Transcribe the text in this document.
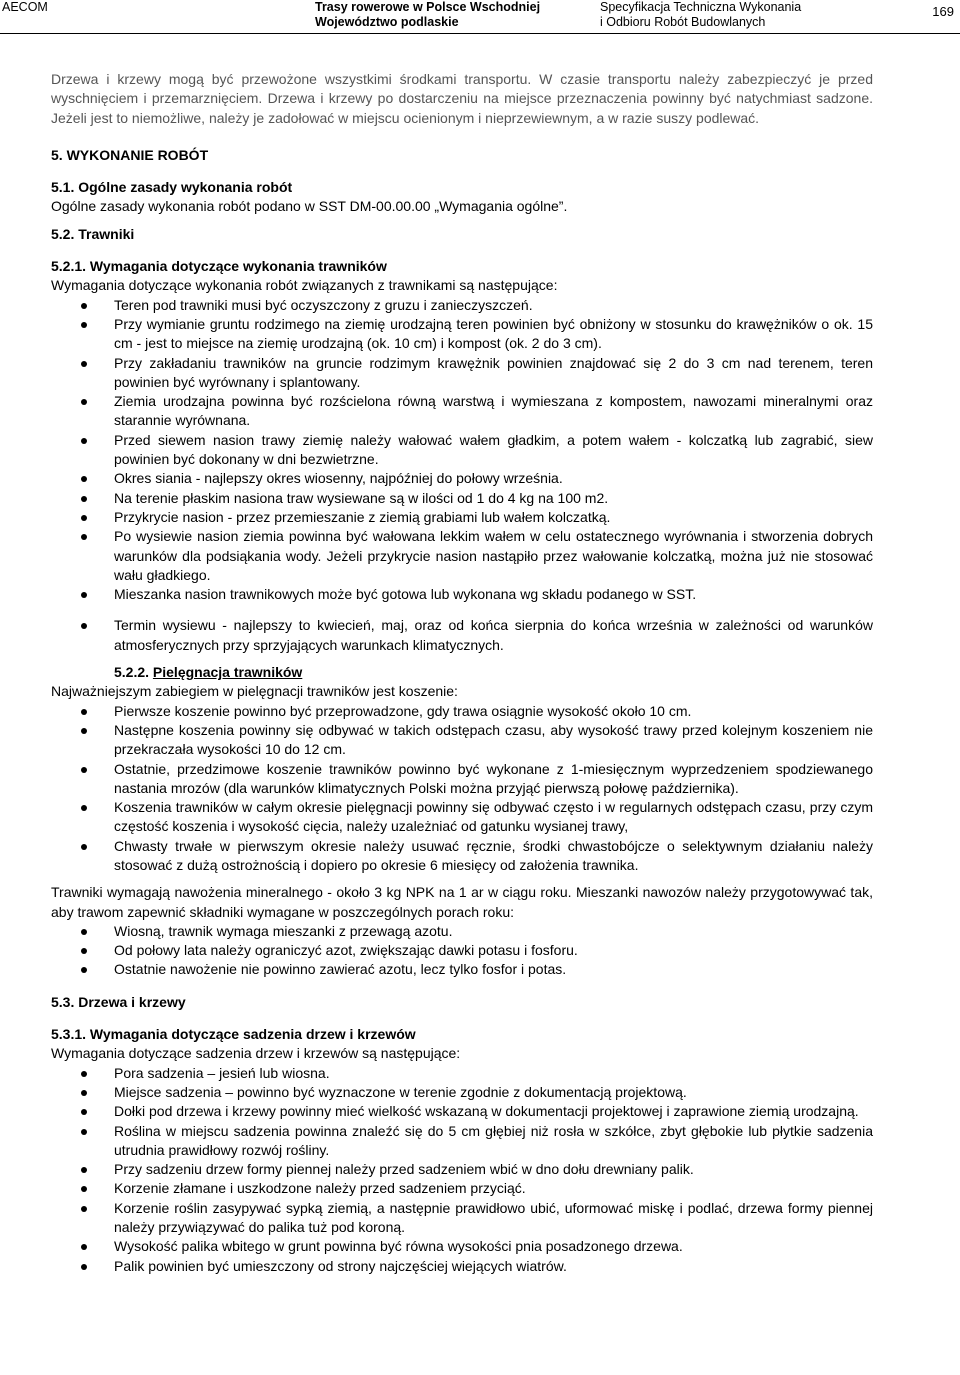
AECOM	Trasy rowerowe w Polsce Wschodniej
Województwo podlaskie
Specyfikacja Techniczna Wykonania
i Odbioru Robót Budowlanych
169

Drzewa i krzewy mogą być przewożone wszystkimi środkami transportu. W czasie transportu należy zabezpieczyć je przed wyschnięciem i przemarznięciem. Drzewa i krzewy po dostarczeniu na miejsce przeznaczenia powinny być natychmiast sadzone. Jeżeli jest to niemożliwe, należy je zadołować w miejscu ocienionym i nieprzewiewnym, a w razie suszy podlewać.

5. WYKONANIE ROBÓT
5.1. Ogólne zasady wykonania robót

Ogólne zasady wykonania robót podano w SST DM-00.00.00 „Wymagania ogólne”.

5.2. Trawniki
5.2.1. Wymagania dotyczące wykonania trawników

Wymagania dotyczące wykonania robót związanych z trawnikami są następujące:

Teren pod trawniki musi być oczyszczony z gruzu i zanieczyszczeń.
Przy wymianie gruntu rodzimego na ziemię urodzajną teren powinien być obniżony w stosunku do krawężników o ok. 15 cm - jest to miejsce na ziemię urodzajną (ok. 10 cm) i kompost (ok. 2 do 3 cm).
Przy zakładaniu trawników na gruncie rodzimym krawężnik powinien znajdować się 2 do 3 cm nad terenem, teren powinien być wyrównany i splantowany.
Ziemia urodzajna powinna być rozścielona równą warstwą i wymieszana z kompostem, nawozami mineralnymi oraz starannie wyrównana.
Przed siewem nasion trawy ziemię należy wałować wałem gładkim, a potem wałem - kolczatką lub zagrabić, siew powinien być dokonany w dni bezwietrzne.
Okres siania - najlepszy okres wiosenny, najpóźniej do połowy września.
Na terenie płaskim nasiona traw wysiewane są w ilości od 1 do 4 kg na 100 m2.
Przykrycie nasion - przez przemieszanie z ziemią grabiami lub wałem kolczatką.
Po wysiewie nasion ziemia powinna być wałowana lekkim wałem w celu ostatecznego wyrównania i stworzenia dobrych warunków dla podsiąkania wody. Jeżeli przykrycie nasion nastąpiło przez wałowanie kolczatką, można już nie stosować wału gładkiego.
Mieszanka nasion trawnikowych może być gotowa lub wykonana wg składu podanego w SST.
Termin wysiewu - najlepszy to kwiecień, maj, oraz od końca sierpnia do końca września w zależności od warunków atmosferycznych przy sprzyjających warunkach klimatycznych.
5.2.2. Pielęgnacja trawników

Najważniejszym zabiegiem w pielęgnacji trawników jest koszenie:

Pierwsze koszenie powinno być przeprowadzone, gdy trawa osiągnie wysokość około 10 cm.
Następne koszenia powinny się odbywać w takich odstępach czasu, aby wysokość trawy przed kolejnym koszeniem nie przekraczała wysokości 10 do 12 cm.
Ostatnie, przedzimowe koszenie trawników powinno być wykonane z 1-miesięcznym wyprzedzeniem spodziewanego nastania mrozów (dla warunków klimatycznych Polski można przyjąć pierwszą połowę października).
Koszenia trawników w całym okresie pielęgnacji powinny się odbywać często i w regularnych odstępach czasu, przy czym częstość koszenia i wysokość cięcia, należy uzależniać od gatunku wysianej trawy,
Chwasty trwałe w pierwszym okresie należy usuwać ręcznie, środki chwastobójcze o selektywnym działaniu należy stosować z dużą ostrożnością i dopiero po okresie 6 miesięcy od założenia trawnika.

Trawniki wymagają nawożenia mineralnego - około 3 kg NPK na 1 ar w ciągu roku. Mieszanki nawozów należy przygotowywać tak, aby trawom zapewnić składniki wymagane w poszczególnych porach roku:

Wiosną, trawnik wymaga mieszanki z przewagą azotu.
Od połowy lata należy ograniczyć azot, zwiększając dawki potasu i fosforu.
Ostatnie nawożenie nie powinno zawierać azotu, lecz tylko fosfor i potas.
5.3. Drzewa i krzewy
5.3.1. Wymagania dotyczące sadzenia drzew i krzewów

Wymagania dotyczące sadzenia drzew i krzewów są następujące:

Pora sadzenia – jesień lub wiosna.
Miejsce sadzenia – powinno być wyznaczone w terenie zgodnie z dokumentacją projektową.
Dołki pod drzewa i krzewy powinny mieć wielkość wskazaną w dokumentacji projektowej i zaprawione ziemią urodzajną.
Roślina w miejscu sadzenia powinna znaleźć się do 5 cm głębiej niż rosła w szkółce, zbyt głębokie lub płytkie sadzenia utrudnia prawidłowy rozwój rośliny.
Przy sadzeniu drzew formy piennej należy przed sadzeniem wbić w dno dołu drewniany palik.
Korzenie złamane i uszkodzone należy przed sadzeniem przyciąć.
Korzenie roślin zasypywać sypką ziemią, a następnie prawidłowo ubić, uformować miskę i podlać, drzewa formy piennej należy przywiązywać do palika tuż pod koroną.
Wysokość palika wbitego w grunt powinna być równa wysokości pnia posadzonego drzewa.
Palik powinien być umieszczony od strony najczęściej wiejących wiatrów.
